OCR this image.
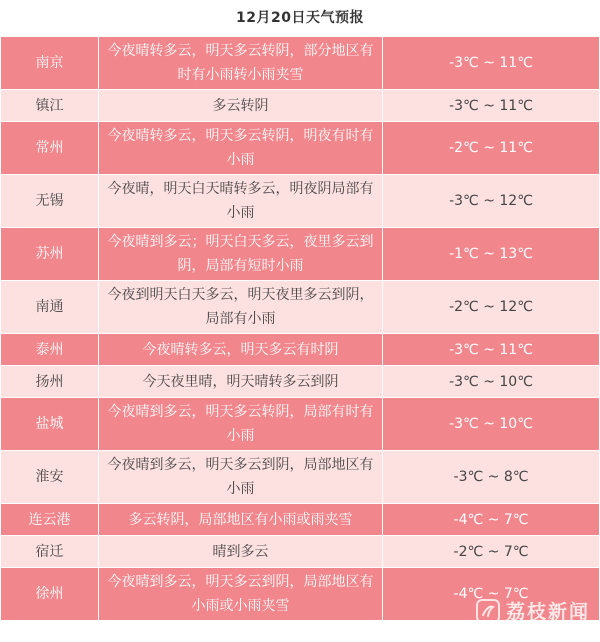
12月20日天气预报
南京	今夜晴转多云，明天多云转阴，部分地区有时有小雨转小雨夹雪	-3℃ ~ 11℃
镇江	多云转阴	-3℃ ~ 11℃
常州	今夜晴转多云，明天多云转阴，明夜有时有小雨	-2℃ ~ 11℃
无锡	今夜晴，明天白天晴转多云，明夜阴局部有小雨	-3℃ ~ 12℃
苏州	今夜晴到多云；明天白天多云，夜里多云到阴，局部有短时小雨	-1℃ ~ 13℃
南通	今夜到明天白天多云，明天夜里多云到阴，局部有小雨	-2℃ ~ 12℃
泰州	今夜晴转多云，明天多云有时阴	-3℃ ~ 11℃
扬州	今天夜里晴，明天晴转多云到阴	-3℃ ~ 10℃
盐城	今夜晴到多云，明天多云转阴，局部有时有小雨	-3℃ ~ 10℃
淮安	今夜晴到多云，明天多云到阴，局部地区有小雨	-3℃ ~ 8℃
连云港	多云转阴，局部地区有小雨或雨夹雪	-4℃ ~ 7℃
宿迁	晴到多云	-2℃ ~ 7℃
徐州	今夜晴到多云，明天多云到阴，局部地区有小雨或小雨夹雪	-4℃ ~ 7℃
荔枝新闻
